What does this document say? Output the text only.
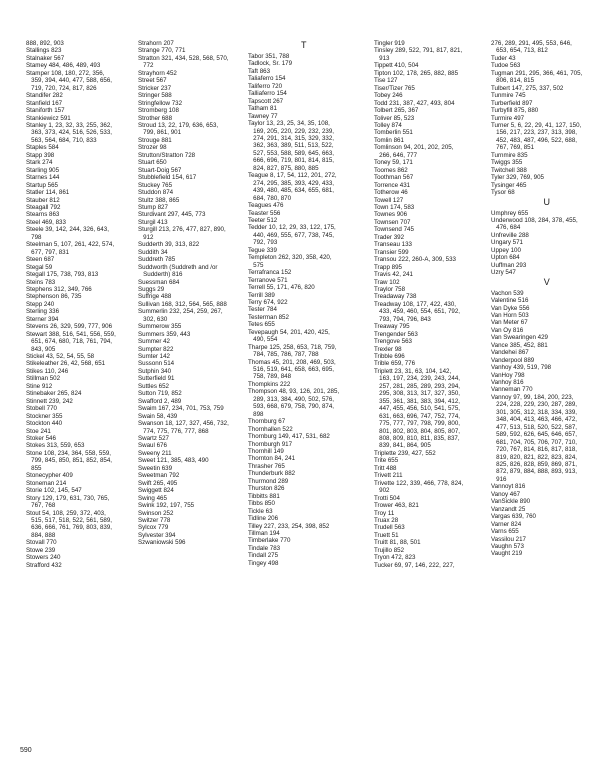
888, 892, 903
Stallings 823
Stalnaker 567
Stamey 484, 486, 489, 493
Stamper 108, 180, 272, 356,
359, 394, 440, 477, 588, 656,
719, 720, 724, 817, 826
Standifer 282
Stanfield 167
Staniforth 157
Stankiewicz 591
Stanley 1, 23, 32, 33, 255, 362,
363, 373, 424, 516, 526, 533,
563, 564, 684, 710, 833
Staples 584
Stapp 398
Stark 274
Starling 905
Starnes 144
Startup 565
Statler 114, 861
Stauber 812
Steagall 792
Stearns 863
Steel 469, 833
Steele 39, 142, 244, 326, 643,
798
Steelman 5, 107, 261, 422, 574,
677, 797, 831
Steen 687
Stegal 59
Stegall 175, 738, 793, 813
Steins 783
Stephens 312, 349, 766
Stephenson 86, 735
Stepp 240
Sterling 336
Sterner 394
Stevens 26, 329, 599, 777, 906
Stewart 388, 516, 541, 556, 559,
651, 674, 680, 718, 761, 794,
843, 905
Stickel 43, 52, 54, 55, 58
Stikeleather 26, 42, 568, 651
Stikes 110, 246
Stillman 502
Stine 912
Stinebaker 265, 824
Stinnett 239, 242
Stobell 770
Stockner 355
Stockton 440
Stoe 241
Stoker 546
Stokes 313, 559, 653
Stone 108, 234, 364, 558, 559,
799, 845, 850, 851, 852, 854,
855
Stonecypher 409
Stoneman 214
Storie 102, 145, 547
Story 129, 179, 631, 730, 765,
767, 768
Stout 54, 108, 259, 372, 403,
515, 517, 518, 522, 561, 589,
636, 666, 761, 769, 803, 839,
884, 888
Stovall 770
Stowe 239
Stowers 240
Strafford 432
Strahorn 207
Strange 770, 771
Stratton 321, 434, 528, 568, 570,
772
Strayhorn 452
Street 567
Stricker 237
Stringer 588
Stringfellow 732
Stromberg 108
Strother 688
Stroud 13, 22, 179, 636, 653,
799, 861, 901
Strouge 881
Strozer 98
Strutton/Stratton 728
Stuart 650
Stuart-Doig 567
Stubblefield 154, 617
Stuckey 765
Studdon 874
Stultz 388, 865
Stump 827
Sturdivant 297, 445, 773
Sturgil 413
Sturgill 213, 276, 477, 827, 890,
912
Sudderth 39, 313, 822
Suddith 34
Suddreth 785
Suddworth (Suddreth and /or
Sudderth) 816
Suessman 684
Suggs 29
Suffrige 488
Sullivan 168, 312, 564, 565, 888
Summerlin 232, 254, 259, 267,
302, 630
Summerow 355
Summers 359, 443
Summer 42
Sumpter 822
Sumter 142
Sussonn 514
Sutphin 340
Sutterfield 91
Suttles 652
Sutton 719, 852
Swafford 2, 489
Swaim 167, 234, 701, 753, 759
Swain 58, 439
Swanson 18, 127, 327, 456, 732,
774, 775, 776, 777, 868
Swartz 527
Swaul 676
Sweeny 211
Sweet 121, 385, 483, 490
Sweetin 639
Sweetman 792
Swift 265, 495
Swiggett 824
Swing 465
Swink 192, 197, 755
Swinson 252
Switzer 778
Sylcox 779
Sylvester 394
Szwaniowski 596
T
Tabor 351, 788
Tadlock, Sr. 179
Taft 863
Taliaferro 154
Taliferro 720
Talliaferro 154
Tapscott 267
Tatham 81
Tawney 77
Taylor 13, 23, 25, 34, 35, 108,
169, 205, 220, 229, 232, 239,
274, 291, 314, 315, 329, 332,
362, 363, 389, 511, 513, 522,
527, 553, 588, 589, 645, 663,
666, 696, 719, 801, 814, 815,
824, 827, 875, 880, 885
Teague 8, 17, 54, 112, 201, 272,
274, 295, 385, 393, 429, 433,
439, 480, 485, 634, 655, 681,
684, 780, 870
Teagues 476
Teaster 556
Teeter 512
Tedder 10, 12, 29, 33, 122, 175,
440, 469, 555, 677, 738, 745,
792, 793
Tegue 339
Templeton 262, 320, 358, 420,
575
Terrafranca 152
Terranove 571
Terrell 55, 171, 476, 820
Terrill 389
Terry 674, 922
Tester 784
Testerman 852
Tetes 655
Tevepaugh 54, 201, 420, 425,
490, 554
Tharpe 125, 258, 653, 718, 759,
784, 785, 786, 787, 788
Thomas 45, 201, 208, 469, 503,
516, 519, 641, 658, 663, 695,
758, 789, 848
Thompkins 222
Thompson 48, 93, 126, 201, 285,
289, 313, 384, 490, 502, 576,
593, 668, 679, 758, 790, 874,
898
Thornburg 67
Thornhallen 522
Thornburg 149, 417, 531, 682
Thornburgh 917
Thornhill 149
Thornton 84, 241
Thrasher 765
Thunderburk 882
Thurmond 289
Thurston 826
Tibbitts 881
Tibbs 850
Tickle 63
Tidline 206
Tilley 227, 233, 254, 398, 852
Tillman 194
Timberlake 770
Tindale 783
Tindall 275
Tingey 498
Tingler 919
Tinsley 289, 522, 791, 817, 821,
913
Tippett 410, 504
Tipton 102, 178, 265, 882, 885
Tise 127
Tiser/Tizer 765
Tobey 246
Todd 231, 387, 427, 493, 804
Tolbert 265, 367
Toliver 85, 523
Tolley 874
Tomberlin 551
Tomlin 861
Tomlinson 94, 201, 202, 205,
266, 646, 777
Toney 59, 171
Toomes 862
Toothman 567
Torrence 431
Totherow 46
Towell 127
Town 174, 583
Townes 906
Townsen 707
Townsend 745
Trader 392
Transeau 133
Transier 599
Transou 222, 260-A, 309, 533
Trapp 895
Travis 42, 241
Traw 102
Traylor 758
Treadaway 738
Treadway 108, 177, 422, 430,
433, 459, 460, 554, 651, 792,
793, 794, 796, 843
Treaway 795
Trengender 563
Trengove 563
Trexler 98
Tribble 696
Trible 659, 776
Triplett 23, 31, 63, 104, 142,
163, 197, 234, 239, 243, 244,
257, 281, 285, 289, 293, 294,
295, 308, 313, 317, 327, 350,
355, 361, 381, 383, 394, 412,
447, 455, 456, 510, 541, 575,
631, 663, 696, 747, 752, 774,
775, 777, 797, 798, 799, 800,
801, 802, 803, 804, 805, 807,
808, 809, 810, 811, 835, 837,
839, 841, 864, 905
Triplette 239, 427, 552
Trite 655
Tritt 488
Trivett 211
Trivette 122, 339, 466, 778, 824,
902
Trotti 504
Trower 463, 821
Troy 11
Truax 28
Trudell 563
Truett 51
Truitt 81, 88, 501
Trujillo 852
Tryon 472, 823
Tucker 69, 97, 146, 222, 227,
276, 289, 291, 495, 553, 646,
653, 654, 713, 812
Tuder 43
Tudoe 563
Tugman 291, 295, 366, 461, 705,
806, 814, 815
Tulbert 147, 275, 337, 502
Tunmire 745
Turberfield 897
Turbyfill 875, 880
Turmire 497
Turner 5, 6, 22, 29, 41, 127, 150,
156, 217, 223, 237, 313, 398,
452, 483, 487, 496, 522, 688,
767, 769, 851
Turnmire 835
Twiggs 355
Twitchell 388
Tyler 329, 769, 905
Tysinger 465
Tysor 68
U
Umphrey 655
Underwood 108, 284, 378, 455,
476, 684
Unfreville 288
Ungary 571
Uppey 100
Upton 684
Uuffman 293
Uzry 547
V
Vachon 539
Valentine 516
Van Dyke 556
Van Horn 503
Van Meter 67
Van Oy 816
Van Swearingen 429
Vance 385, 452, 881
Vandehei 867
Vanderpool 889
Vanhoy 439, 519, 798
VanHoy 798
Vanhoy 816
Vanneman 770
Vannoy 97, 99, 184, 200, 223,
224, 228, 229, 230, 287, 289,
301, 305, 312, 318, 334, 339,
348, 404, 413, 463, 466, 472,
477, 513, 518, 520, 522, 587,
589, 592, 626, 645, 646, 657,
681, 704, 705, 706, 707, 710,
720, 767, 814, 816, 817, 818,
819, 820, 821, 822, 823, 824,
825, 826, 828, 859, 869, 871,
872, 879, 884, 888, 893, 913,
916
Vannoyt 816
Vanoy 467
VanSickle 890
Vanzandt 25
Vargas 639, 760
Varner 824
Varns 655
Vassilou 217
Vaughn 573
Vaught 219
590
